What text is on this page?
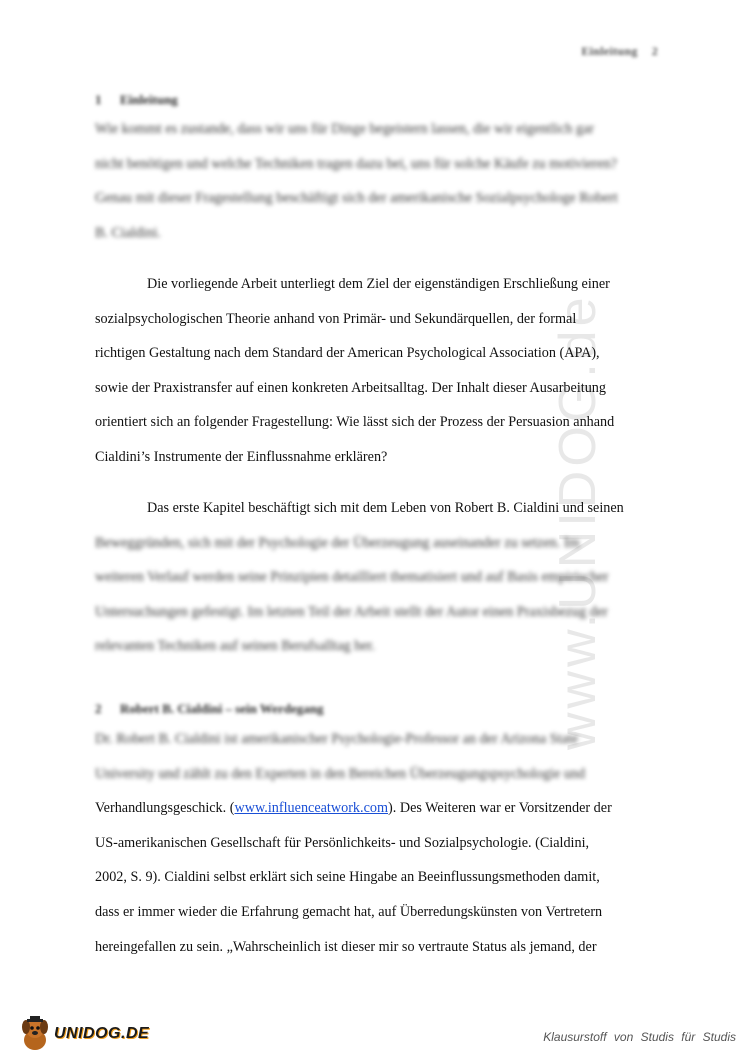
www.UNIDOG.de
Einleitung 2
1 Einleitung
Wie kommt es zustande, dass wir uns für Dinge begeistern lassen, die wir eigentlich gar
nicht benötigen und welche Techniken tragen dazu bei, uns für solche Käufe zu motivieren?
Genau mit dieser Fragestellung beschäftigt sich der amerikanische Sozialpsychologe Robert
B. Cialdini.
Die vorliegende Arbeit unterliegt dem Ziel der eigenständigen Erschließung einer
sozialpsychologischen Theorie anhand von Primär- und Sekundärquellen, der formal
richtigen Gestaltung nach dem Standard der American Psychological Association (APA),
sowie der Praxistransfer auf einen konkreten Arbeitsalltag. Der Inhalt dieser Ausarbeitung
orientiert sich an folgender Fragestellung: Wie lässt sich der Prozess der Persuasion anhand
Cialdini’s Instrumente der Einflussnahme erklären?
Das erste Kapitel beschäftigt sich mit dem Leben von Robert B. Cialdini und seinen
Beweggründen, sich mit der Psychologie der Überzeugung auseinander zu setzen. Im
weiteren Verlauf werden seine Prinzipien detailliert thematisiert und auf Basis empirischer
Untersuchungen gefestigt. Im letzten Teil der Arbeit stellt der Autor einen Praxisbezug der
relevanten Techniken auf seinen Berufsalltag her.
2 Robert B. Cialdini – sein Werdegang
Dr. Robert B. Cialdini ist amerikanischer Psychologie-Professor an der Arizona State
University und zählt zu den Experten in den Bereichen Überzeugungspsychologie und
Verhandlungsgeschick. (www.influenceatwork.com). Des Weiteren war er Vorsitzender der
US-amerikanischen Gesellschaft für Persönlichkeits- und Sozialpsychologie. (Cialdini,
2002, S. 9). Cialdini selbst erklärt sich seine Hingabe an Beeinflussungsmethoden damit,
dass er immer wieder die Erfahrung gemacht hat, auf Überredungskünsten von Vertretern
hereingefallen zu sein. „Wahrscheinlich ist dieser mir so vertraute Status als jemand, der
UNIDOG.DE	Klausurstoff von Studis für Studis
